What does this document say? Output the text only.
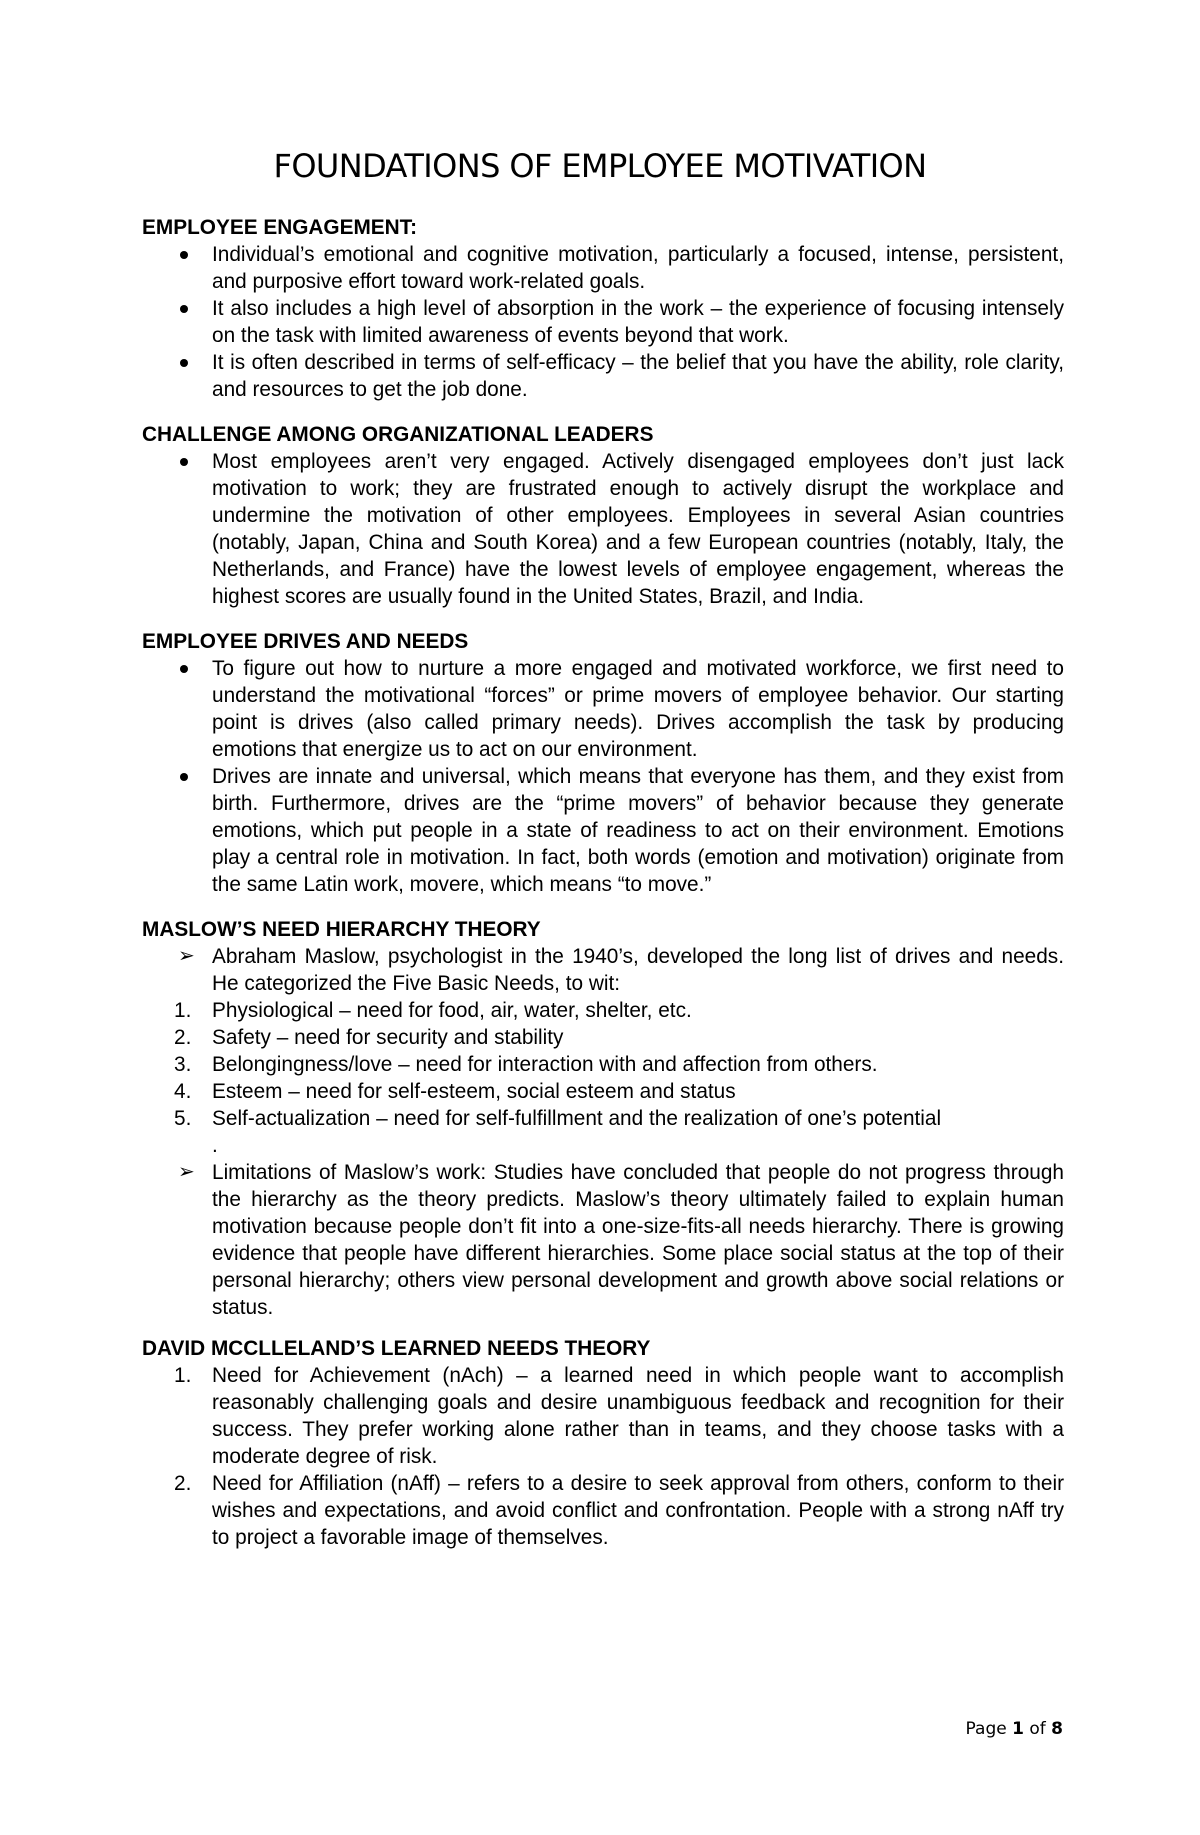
FOUNDATIONS OF EMPLOYEE MOTIVATION
EMPLOYEE ENGAGEMENT:
Individual’s emotional and cognitive motivation, particularly a focused, intense, persistent, and purposive effort toward work-related goals.
It also includes a high level of absorption in the work – the experience of focusing intensely on the task with limited awareness of events beyond that work.
It is often described in terms of self-efficacy – the belief that you have the ability, role clarity, and resources to get the job done.
CHALLENGE AMONG ORGANIZATIONAL LEADERS
Most employees aren’t very engaged. Actively disengaged employees don’t just lack motivation to work; they are frustrated enough to actively disrupt the workplace and undermine the motivation of other employees. Employees in several Asian countries (notably, Japan, China and South Korea) and a few European countries (notably, Italy, the Netherlands, and France) have the lowest levels of employee engagement, whereas the highest scores are usually found in the United States, Brazil, and India.
EMPLOYEE DRIVES AND NEEDS
To figure out how to nurture a more engaged and motivated workforce, we first need to understand the motivational “forces” or prime movers of employee behavior. Our starting point is drives (also called primary needs). Drives accomplish the task by producing emotions that energize us to act on our environment.
Drives are innate and universal, which means that everyone has them, and they exist from birth. Furthermore, drives are the “prime movers” of behavior because they generate emotions, which put people in a state of readiness to act on their environment. Emotions play a central role in motivation. In fact, both words (emotion and motivation) originate from the same Latin work, movere, which means “to move.”
MASLOW’S NEED HIERARCHY THEORY
➢ Abraham Maslow, psychologist in the 1940’s, developed the long list of drives and needs. He categorized the Five Basic Needs, to wit:
1. Physiological – need for food, air, water, shelter, etc.
2. Safety – need for security and stability
3. Belongingness/love – need for interaction with and affection from others.
4. Esteem – need for self-esteem, social esteem and status
5. Self-actualization – need for self-fulfillment and the realization of one’s potential
.
➢ Limitations of Maslow’s work: Studies have concluded that people do not progress through the hierarchy as the theory predicts. Maslow’s theory ultimately failed to explain human motivation because people don’t fit into a one-size-fits-all needs hierarchy. There is growing evidence that people have different hierarchies. Some place social status at the top of their personal hierarchy; others view personal development and growth above social relations or status.
DAVID MCCLLELAND’S LEARNED NEEDS THEORY
1. Need for Achievement (nAch) – a learned need in which people want to accomplish reasonably challenging goals and desire unambiguous feedback and recognition for their success. They prefer working alone rather than in teams, and they choose tasks with a moderate degree of risk.
2. Need for Affiliation (nAff) – refers to a desire to seek approval from others, conform to their wishes and expectations, and avoid conflict and confrontation. People with a strong nAff try to project a favorable image of themselves.
Page 1 of 8
